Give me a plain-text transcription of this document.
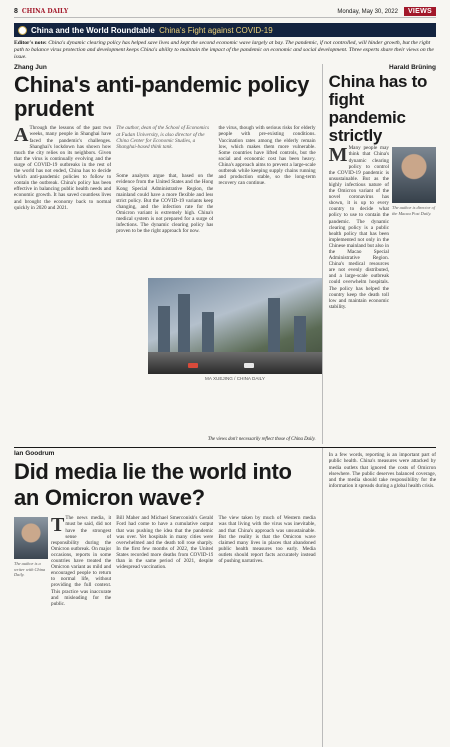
8 CHINA DAILY	Monday, May 30, 2022	VIEWS
China and the World Roundtable China's Fight against COVID-19

Editor's note: China's dynamic clearing policy has helped save lives and kept the second economic wave largely at bay. The pandemic, if not controlled, will hinder growth, but the right path to balance virus protection and development keeps China's ability to maintain the impact of the pandemic on economic and social development. Three experts share their views on the issue.

Zhang Jun
China's anti-pandemic policy prudent

A Through the lessons of the past two weeks, many people in Shanghai have faced the pandemic's challenges. Shanghai's lockdown has shown how much the city relies on its neighbors. Given that the virus is continually evolving and the surge of COVID-19 outbreaks in the rest of the world has not ended, China has to decide which anti-pandemic policies to follow to contain the outbreak. China's policy has been effective in balancing public health needs and economic growth. It has saved countless lives and brought the economy back to normal quickly in 2020 and 2021.

The author, dean of the School of Economics at Fudan University, is also director of the China Center for Economic Studies, a Shanghai-based think tank.

Some analysts argue that, based on the evidence from the United States and the Hong Kong Special Administrative Region, the mainland could have a more flexible and less strict policy. But the COVID-19 variants keep changing, and the infection rate for the Omicron variant is extremely high. China's medical system is not prepared for a surge of infections. The dynamic clearing policy has proven to be the right approach for now.

the virus, though with serious risks for elderly people with pre-existing conditions. Vaccination rates among the elderly remain low, which makes them more vulnerable. Some countries have lifted controls, but the social and economic cost has been heavy. China's approach aims to prevent a large-scale outbreak while keeping supply chains running and production stable, so the long-term recovery can continue.

MA XUEJING / CHINA DAILY
The views don't necessarily reflect those of China Daily.
Harald Brüning
China has to fight pandemic strictly

The author is director of the Macau Post Daily.

M Many people may think that China's dynamic clearing policy to control the COVID-19 pandemic is unsustainable. But as the highly infectious nature of the Omicron variant of the novel coronavirus has shown, it is up to every country to decide what policy to use to contain the pandemic. The dynamic clearing policy is a public health policy that has been implemented not only in the Chinese mainland but also in the Macao Special Administrative Region. China's medical resources are not evenly distributed, and a large-scale outbreak could overwhelm hospitals. The policy has helped the country keep the death toll low and maintain economic stability.

Ian Goodrum
Did media lie the world into an Omicron wave?

The author is a writer with China Daily.

T The news media, it must be said, did not have the strongest sense of responsibility during the Omicron outbreak. On major occasions, reports in some countries have treated the Omicron variant as mild and encouraged people to return to normal life, without providing the full context. This practice was inaccurate and misleading for the public.

Bill Maher and Michael Smerconish's Gerald Ford had come to have a cumulative output that was pushing the idea that the pandemic was over. Yet hospitals in many cities were overwhelmed and the death toll rose sharply. In the first few months of 2022, the United States recorded more deaths from COVID-19 than in the same period of 2021, despite widespread vaccination.

The view taken by much of Western media was that living with the virus was inevitable, and that China's approach was unsustainable. But the reality is that the Omicron wave claimed many lives in places that abandoned public health measures too early. Media outlets should report facts accurately instead of pushing narratives.

In a few words, reporting is an important part of public health. China's measures were attacked by media outlets that ignored the costs of Omicron elsewhere. The public deserves balanced coverage, and the media should take responsibility for the information it spreads during a global health crisis.
